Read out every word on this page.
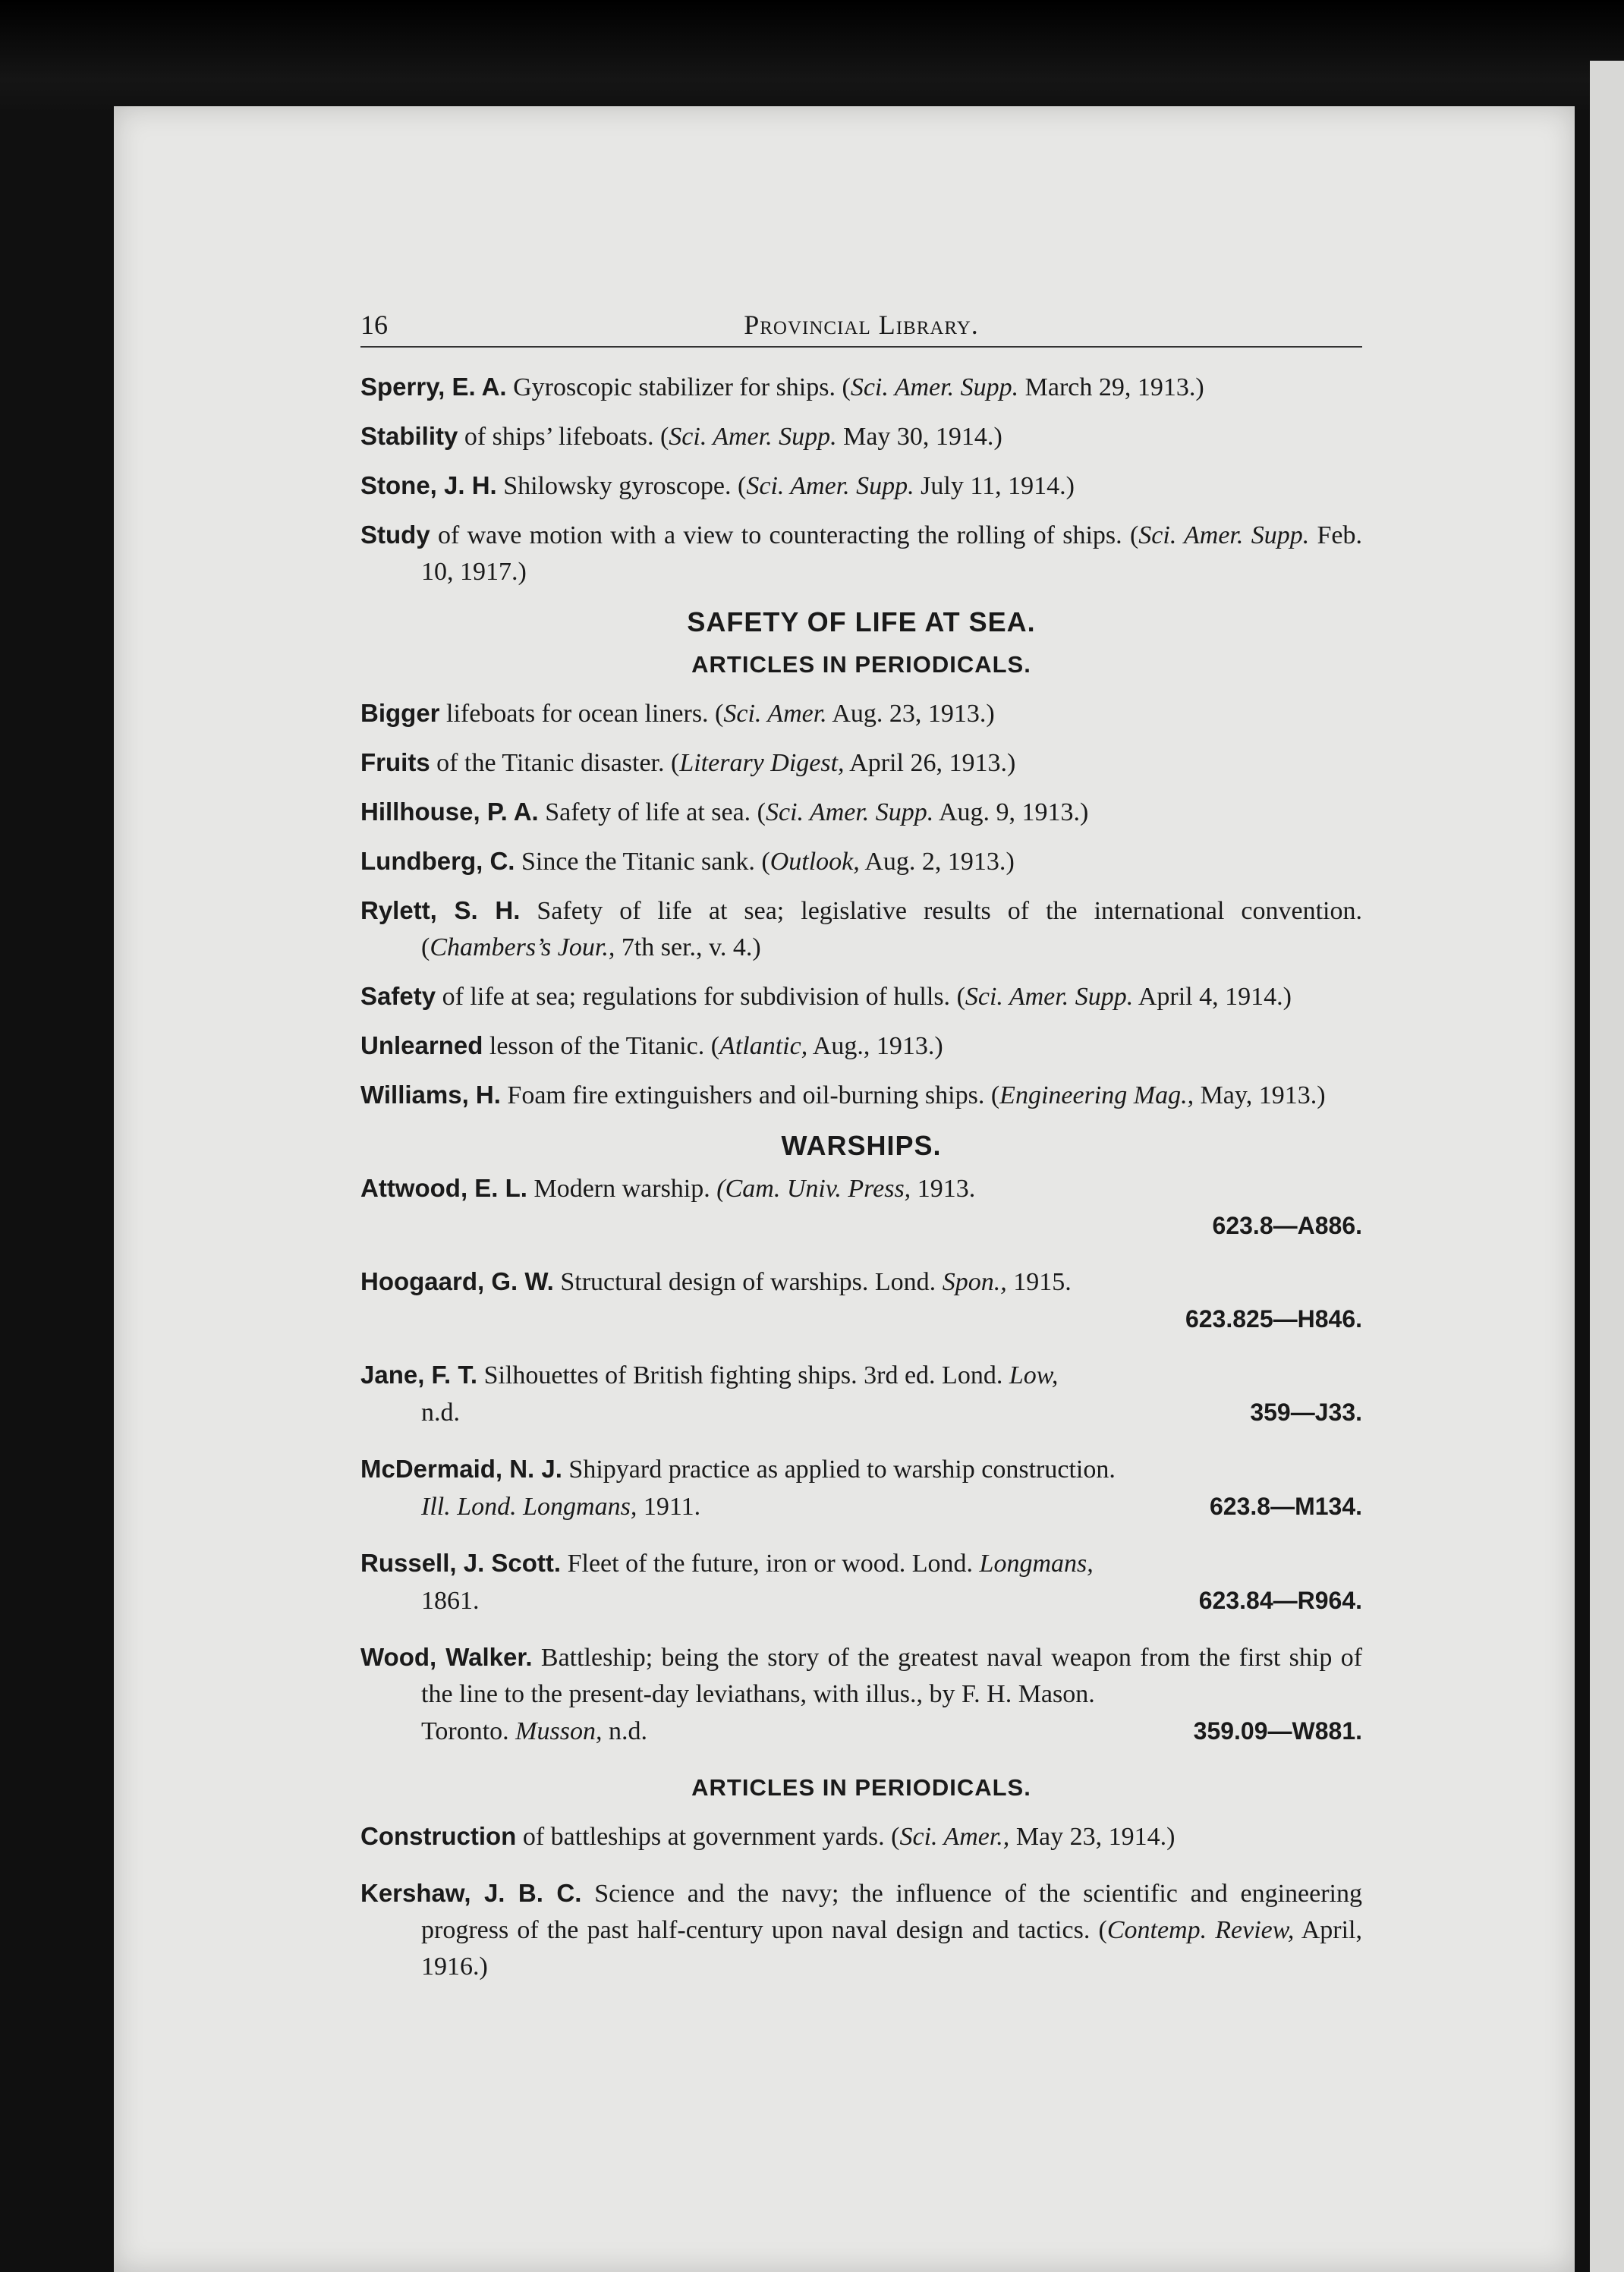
16	Provincial Library.

Sperry, E. A. Gyroscopic stabilizer for ships. (Sci. Amer. Supp. March 29, 1913.)

Stability of ships’ lifeboats. (Sci. Amer. Supp. May 30, 1914.)

Stone, J. H. Shilowsky gyroscope. (Sci. Amer. Supp. July 11, 1914.)

Study of wave motion with a view to counteracting the rolling of ships. (Sci. Amer. Supp. Feb. 10, 1917.)

SAFETY OF LIFE AT SEA.
ARTICLES IN PERIODICALS.

Bigger lifeboats for ocean liners. (Sci. Amer. Aug. 23, 1913.)

Fruits of the Titanic disaster. (Literary Digest, April 26, 1913.)

Hillhouse, P. A. Safety of life at sea. (Sci. Amer. Supp. Aug. 9, 1913.)

Lundberg, C. Since the Titanic sank. (Outlook, Aug. 2, 1913.)

Rylett, S. H. Safety of life at sea; legislative results of the international convention. (Chambers’s Jour., 7th ser., v. 4.)

Safety of life at sea; regulations for subdivision of hulls. (Sci. Amer. Supp. April 4, 1914.)

Unlearned lesson of the Titanic. (Atlantic, Aug., 1913.)

Williams, H. Foam fire extinguishers and oil-burning ships. (Engineering Mag., May, 1913.)

WARSHIPS.
Attwood, E. L. Modern warship. (Cam. Univ. Press, 1913.
623.8—A886.
Hoogaard, G. W. Structural design of warships. Lond. Spon., 1915.
623.825—H846.
Jane, F. T. Silhouettes of British fighting ships. 3rd ed. Lond. Low,
n.d.	359—J33.
McDermaid, N. J. Shipyard practice as applied to warship construction.
Ill. Lond. Longmans, 1911.	623.8—M134.
Russell, J. Scott. Fleet of the future, iron or wood. Lond. Longmans,
1861.	623.84—R964.
Wood, Walker. Battleship; being the story of the greatest naval weapon from the first ship of the line to the present-day leviathans, with illus., by F. H. Mason.
Toronto. Musson, n.d.	359.09—W881.
ARTICLES IN PERIODICALS.

Construction of battleships at government yards. (Sci. Amer., May 23, 1914.)

Kershaw, J. B. C. Science and the navy; the influence of the scientific and engineering progress of the past half-century upon naval design and tactics. (Contemp. Review, April, 1916.)
